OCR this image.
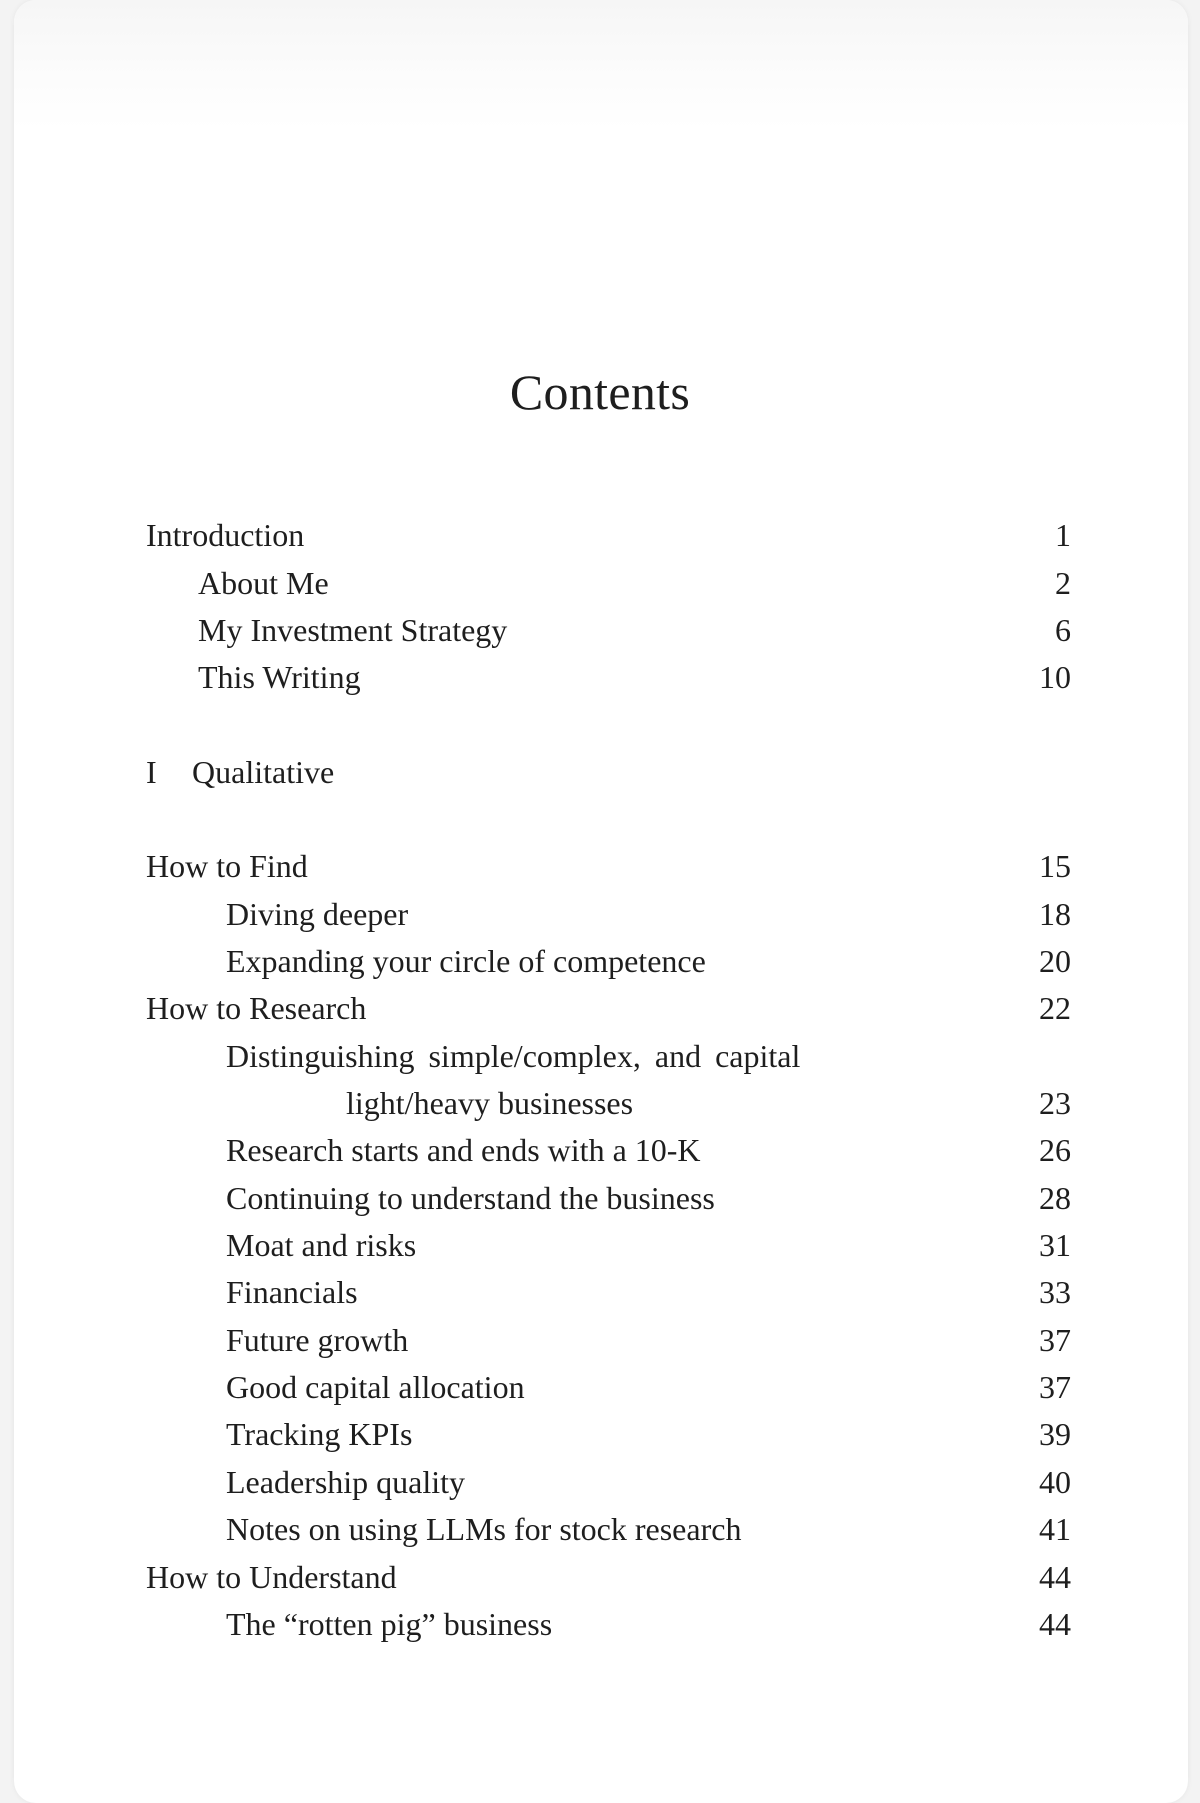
Contents
Introduction	1
About Me	2
My Investment Strategy	6
This Writing	10
I Qualitative
How to Find	15
Diving deeper	18
Expanding your circle of competence	20
How to Research	22
Distinguishing simple/complex, and capital
light/heavy businesses	23
Research starts and ends with a 10-K	26
Continuing to understand the business	28
Moat and risks	31
Financials	33
Future growth	37
Good capital allocation	37
Tracking KPIs	39
Leadership quality	40
Notes on using LLMs for stock research	41
How to Understand	44
The “rotten pig” business	44
